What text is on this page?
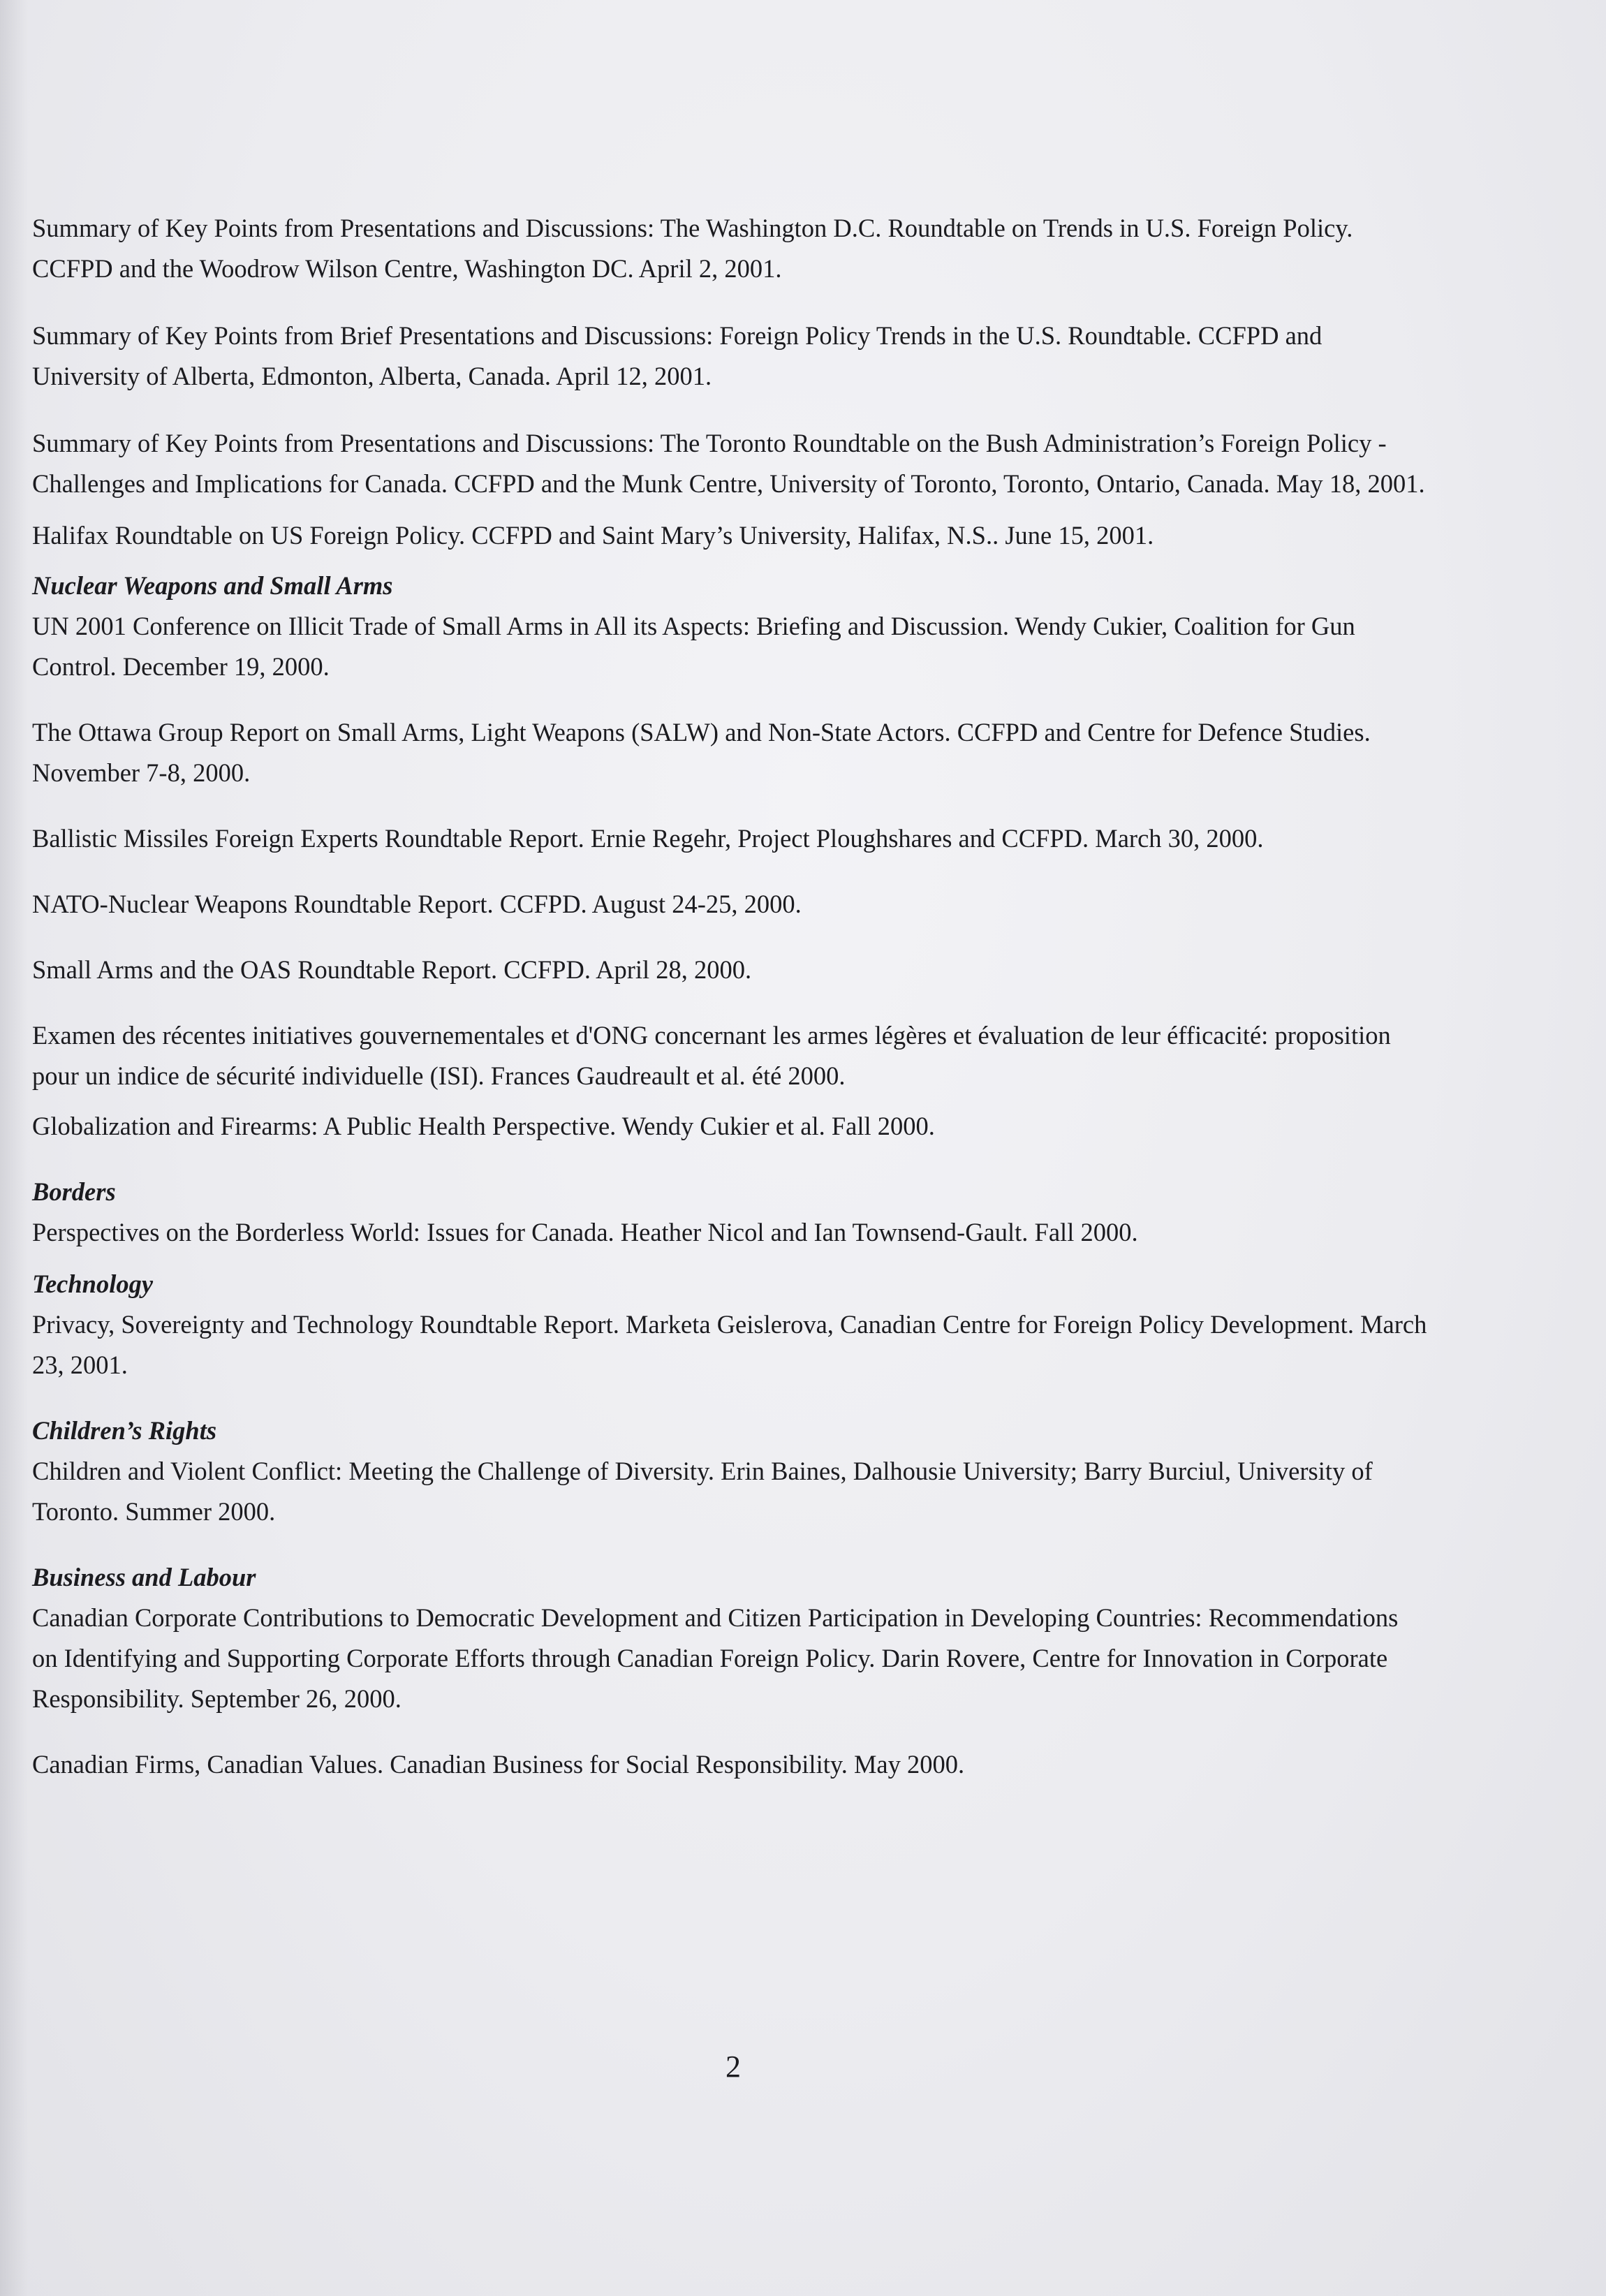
Summary of Key Points from Presentations and Discussions: The Washington D.C. Roundtable on Trends in U.S. Foreign Policy. CCFPD and the Woodrow Wilson Centre, Washington DC. April 2, 2001.

Summary of Key Points from Brief Presentations and Discussions: Foreign Policy Trends in the U.S. Roundtable. CCFPD and University of Alberta, Edmonton, Alberta, Canada. April 12, 2001.

Summary of Key Points from Presentations and Discussions: The Toronto Roundtable on the Bush Administration’s Foreign Policy - Challenges and Implications for Canada. CCFPD and the Munk Centre, University of Toronto, Toronto, Ontario, Canada. May 18, 2001.

Halifax Roundtable on US Foreign Policy. CCFPD and Saint Mary’s University, Halifax, N.S.. June 15, 2001.

Nuclear Weapons and Small Arms

UN 2001 Conference on Illicit Trade of Small Arms in All its Aspects: Briefing and Discussion. Wendy Cukier, Coalition for Gun Control. December 19, 2000.

The Ottawa Group Report on Small Arms, Light Weapons (SALW) and Non-State Actors. CCFPD and Centre for Defence Studies. November 7-8, 2000.

Ballistic Missiles Foreign Experts Roundtable Report. Ernie Regehr, Project Ploughshares and CCFPD. March 30, 2000.

NATO-Nuclear Weapons Roundtable Report. CCFPD. August 24-25, 2000.

Small Arms and the OAS Roundtable Report. CCFPD. April 28, 2000.

Examen des récentes initiatives gouvernementales et d'ONG concernant les armes légères et évaluation de leur éfficacité: proposition pour un indice de sécurité individuelle (ISI). Frances Gaudreault et al. été 2000.

Globalization and Firearms: A Public Health Perspective. Wendy Cukier et al. Fall 2000.

Borders

Perspectives on the Borderless World: Issues for Canada. Heather Nicol and Ian Townsend-Gault. Fall 2000.

Technology

Privacy, Sovereignty and Technology Roundtable Report. Marketa Geislerova, Canadian Centre for Foreign Policy Development. March 23, 2001.

Children’s Rights

Children and Violent Conflict: Meeting the Challenge of Diversity. Erin Baines, Dalhousie University; Barry Burciul, University of Toronto. Summer 2000.

Business and Labour

Canadian Corporate Contributions to Democratic Development and Citizen Participation in Developing Countries: Recommendations on Identifying and Supporting Corporate Efforts through Canadian Foreign Policy. Darin Rovere, Centre for Innovation in Corporate Responsibility. September 26, 2000.

Canadian Firms, Canadian Values. Canadian Business for Social Responsibility. May 2000.

2
